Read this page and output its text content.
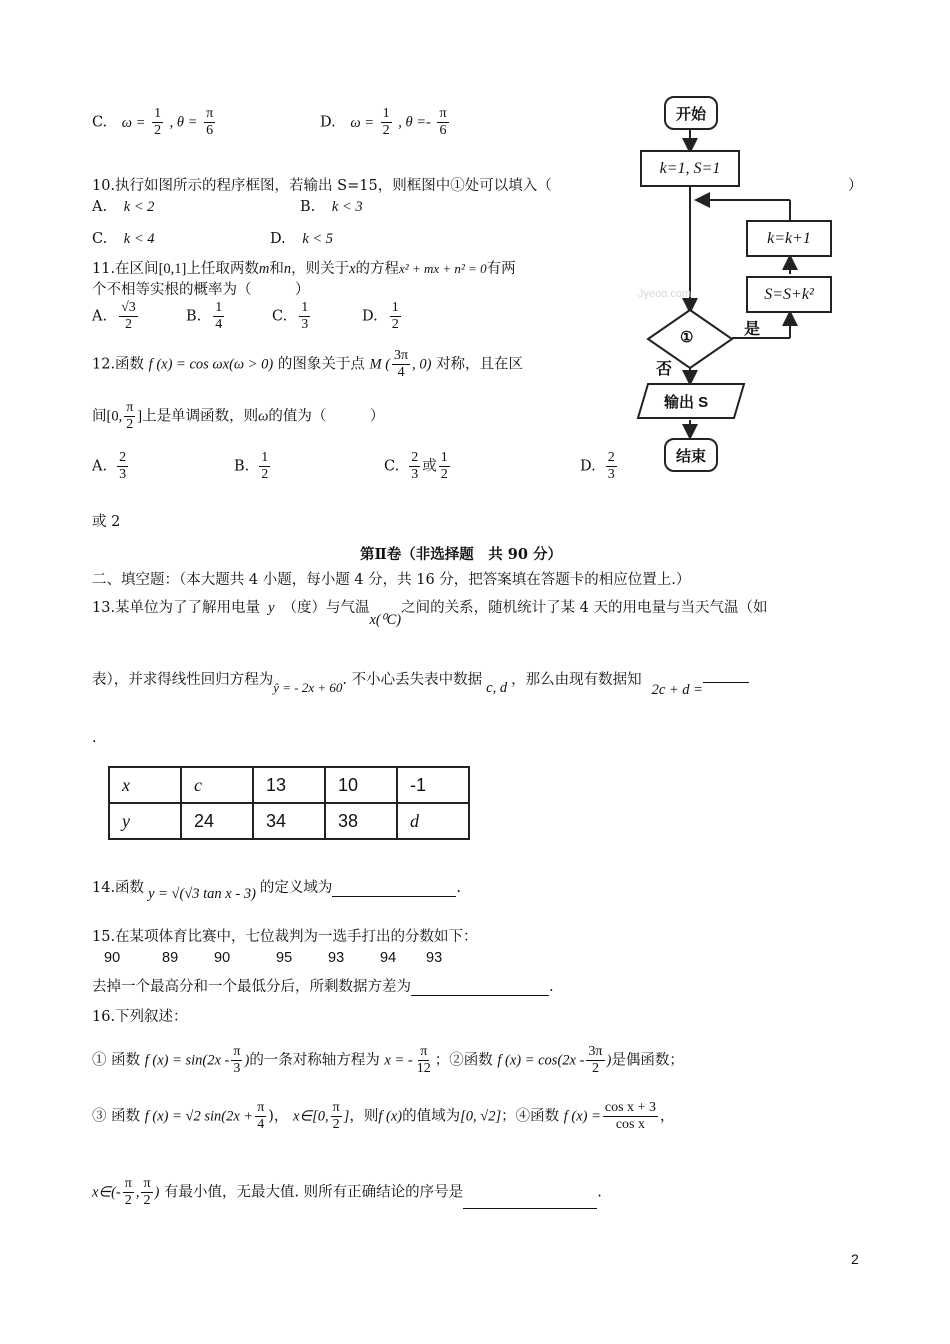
C. $\omega = \frac{1}{2}$ , $\theta = \frac{\pi}{6}$	D. $\omega = \frac{1}{2}$ , $\theta =- \frac{\pi}{6}$
10.执行如图所示的程序框图，若输出 S=15，则框图中①处可以填入（	）
A. k < 2	B. k < 3
C. k < 4	D. k < 5
11.在区间[0,1]上任取两数m和n，则关于x的方程x² + mx + n² = 0有两
个不相等实根的概率为（　　　）
A. $\frac{√3}{2}$	B. $\frac{1}{4}$	C. $\frac{1}{3}$	D. $\frac{1}{2}$
12.函数 f (x) = cos ωx(ω > 0) 的图象关于点 M ( $\frac{3\pi}{4}$ , 0) 对称，且在区
间[0, $\frac{\pi}{2}$ ]上是单调函数，则ω的值为（　　　）
A. $\frac{2}{3}$	B. $\frac{1}{2}$	C. $\frac{2}{3}$ 或 $\frac{1}{2}$	D. $\frac{2}{3}$
或 2
第Ⅱ卷（非选择题　共 90 分）
二、填空题：（本大题共 4 小题，每小题 4 分，共 16 分，把答案填在答题卡的相应位置上.）
13.某单位为了了解用电量 y （度）与气温x(⁰C)之间的关系，随机统计了某 4 天的用电量与当天气温（如
表），并求得线性回归方程为ŷ = - 2x + 60. 不小心丢失表中数据 c, d ，那么由现有数据知2c + d =
.
x	c	13	10	-1
y	24	34	38	d
14.函数 y = √(√3 tan x - 3) 的定义域为	.
15.在某项体育比赛中，七位裁判为一选手打出的分数如下：
90	89 90	95 93 94 93
去掉一个最高分和一个最低分后，所剩数据方差为	.
16.下列叙述：
① 函数 f $(x) = \sin(2x - \frac{\pi}{3}$ )的一条对称轴方程为 x = - $\frac{\pi}{12}$ ；②函数 f $(x) = \cos(2x - \frac{3\pi}{2}$ )是偶函数；
③ 函数 f (x) = √2 $\sin(2x + \frac{\pi}{4}$ )， x∈[0, $\frac{\pi}{2}$ ]，则f (x)的值域为[0, √2]；④函数 f $(x) = \frac{\text{cos x + 3}}{\text{cos x}}$ ，
x∈(- $\frac{\pi}{2}$ , $\frac{\pi}{2}$ ) 有最小值，无最大值. 则所有正确结论的序号是	.
开始
k=1, S=1
k=k+1
S=S+k²
①	是
否
输出 S
结束
Jyeoo.com
2
